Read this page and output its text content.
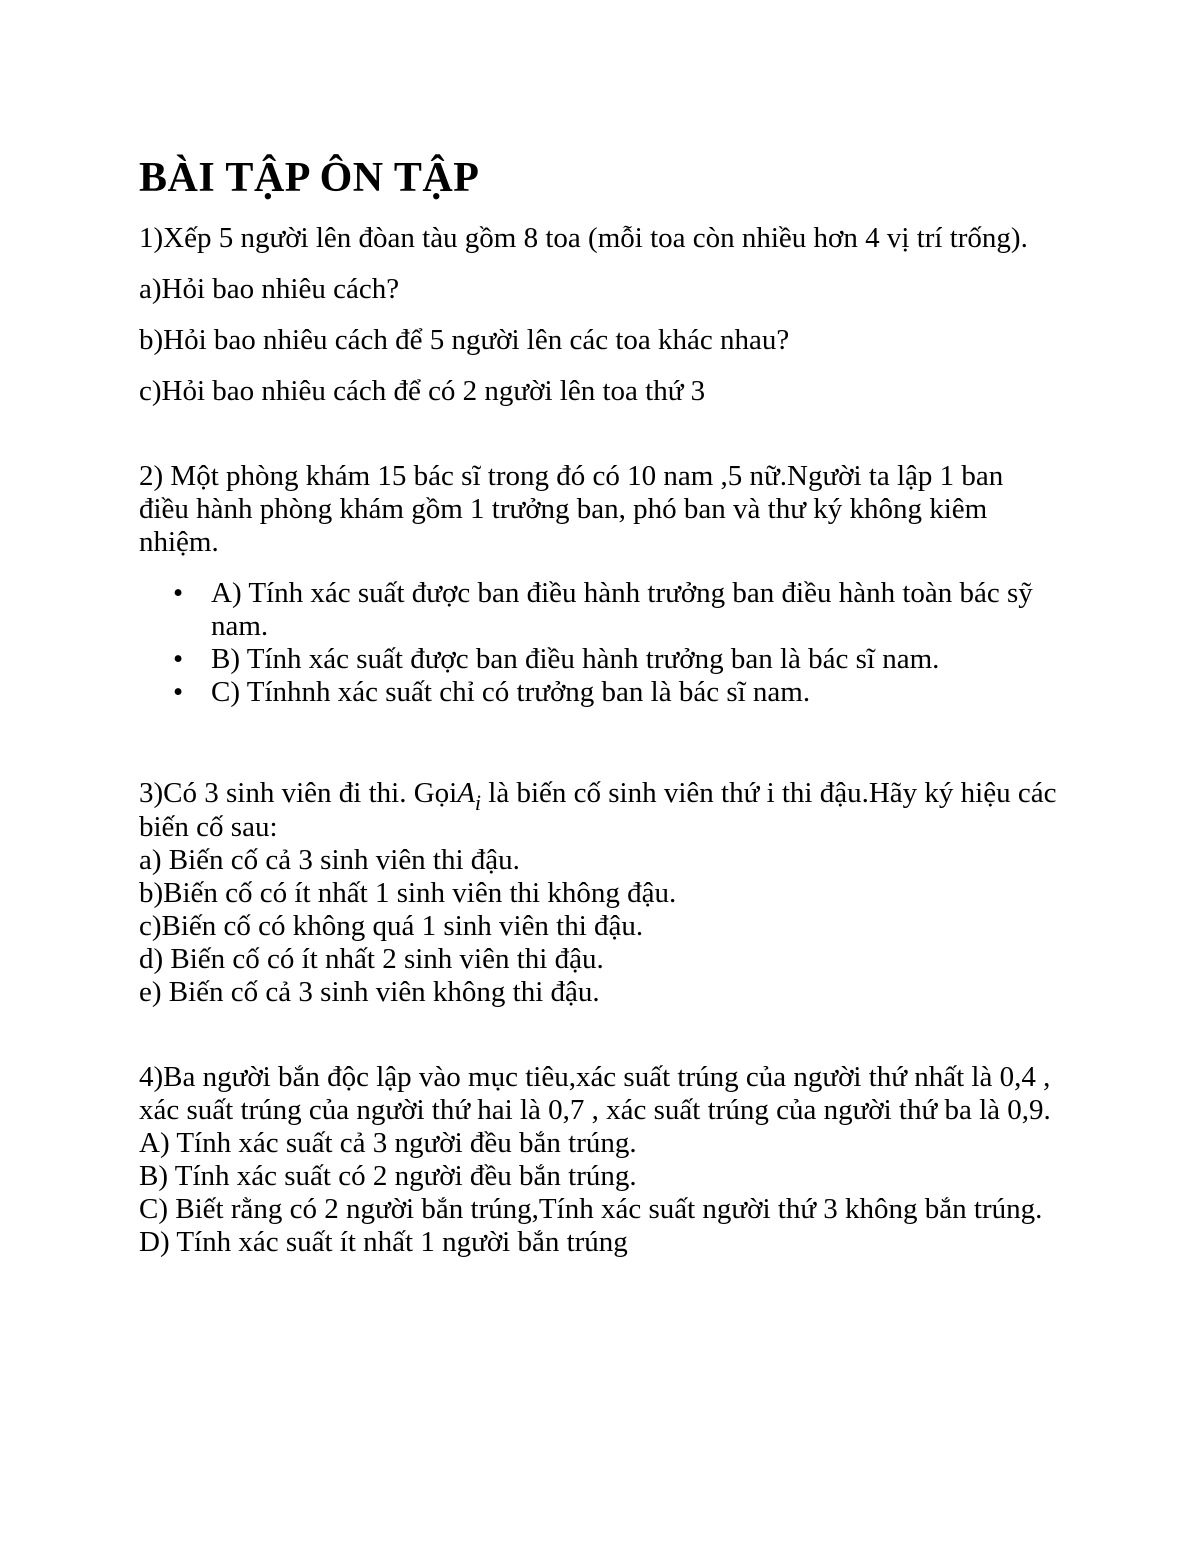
BÀI TẬP ÔN TẬP

1)Xếp 5 người lên đòan tàu gồm 8 toa (mỗi toa còn nhiều hơn 4 vị trí trống).

a)Hỏi bao nhiêu cách?

b)Hỏi bao nhiêu cách để 5 người lên các toa khác nhau?

c)Hỏi bao nhiêu cách để có 2 người lên toa thứ 3

2) Một phòng khám 15 bác sĩ trong đó có 10 nam ,5 nữ.Người ta lập 1 ban điều hành phòng khám gồm 1 trưởng ban, phó ban và thư ký không kiêm nhiệm.

• A) Tính xác suất được ban điều hành trưởng ban điều hành toàn bác sỹ nam.
• B) Tính xác suất được ban điều hành trưởng ban là bác sĩ nam.
• C) Tínhnh xác suất chỉ có trưởng ban là bác sĩ nam.

3)Có 3 sinh viên đi thi. GọiA$_i$ là biến cố sinh viên thứ i thi đậu.Hãy ký hiệu các biến cố sau:

a) Biến cố cả 3 sinh viên thi đậu.
b)Biến cố có ít nhất 1 sinh viên thi không đậu.
c)Biến cố có không quá 1 sinh viên thi đậu.
d) Biến cố có ít nhất 2 sinh viên thi đậu.
e) Biến cố cả 3 sinh viên không thi đậu.

4)Ba người bắn độc lập vào mục tiêu,xác suất trúng của người thứ nhất là 0,4 , xác suất trúng của người thứ hai là 0,7 , xác suất trúng của người thứ ba là 0,9.

A) Tính xác suất cả 3 người đều bắn trúng.
B) Tính xác suất có 2 người đều bắn trúng.
C) Biết rằng có 2 người bắn trúng,Tính xác suất người thứ 3 không bắn trúng.
D) Tính xác suất ít nhất 1 người bắn trúng
